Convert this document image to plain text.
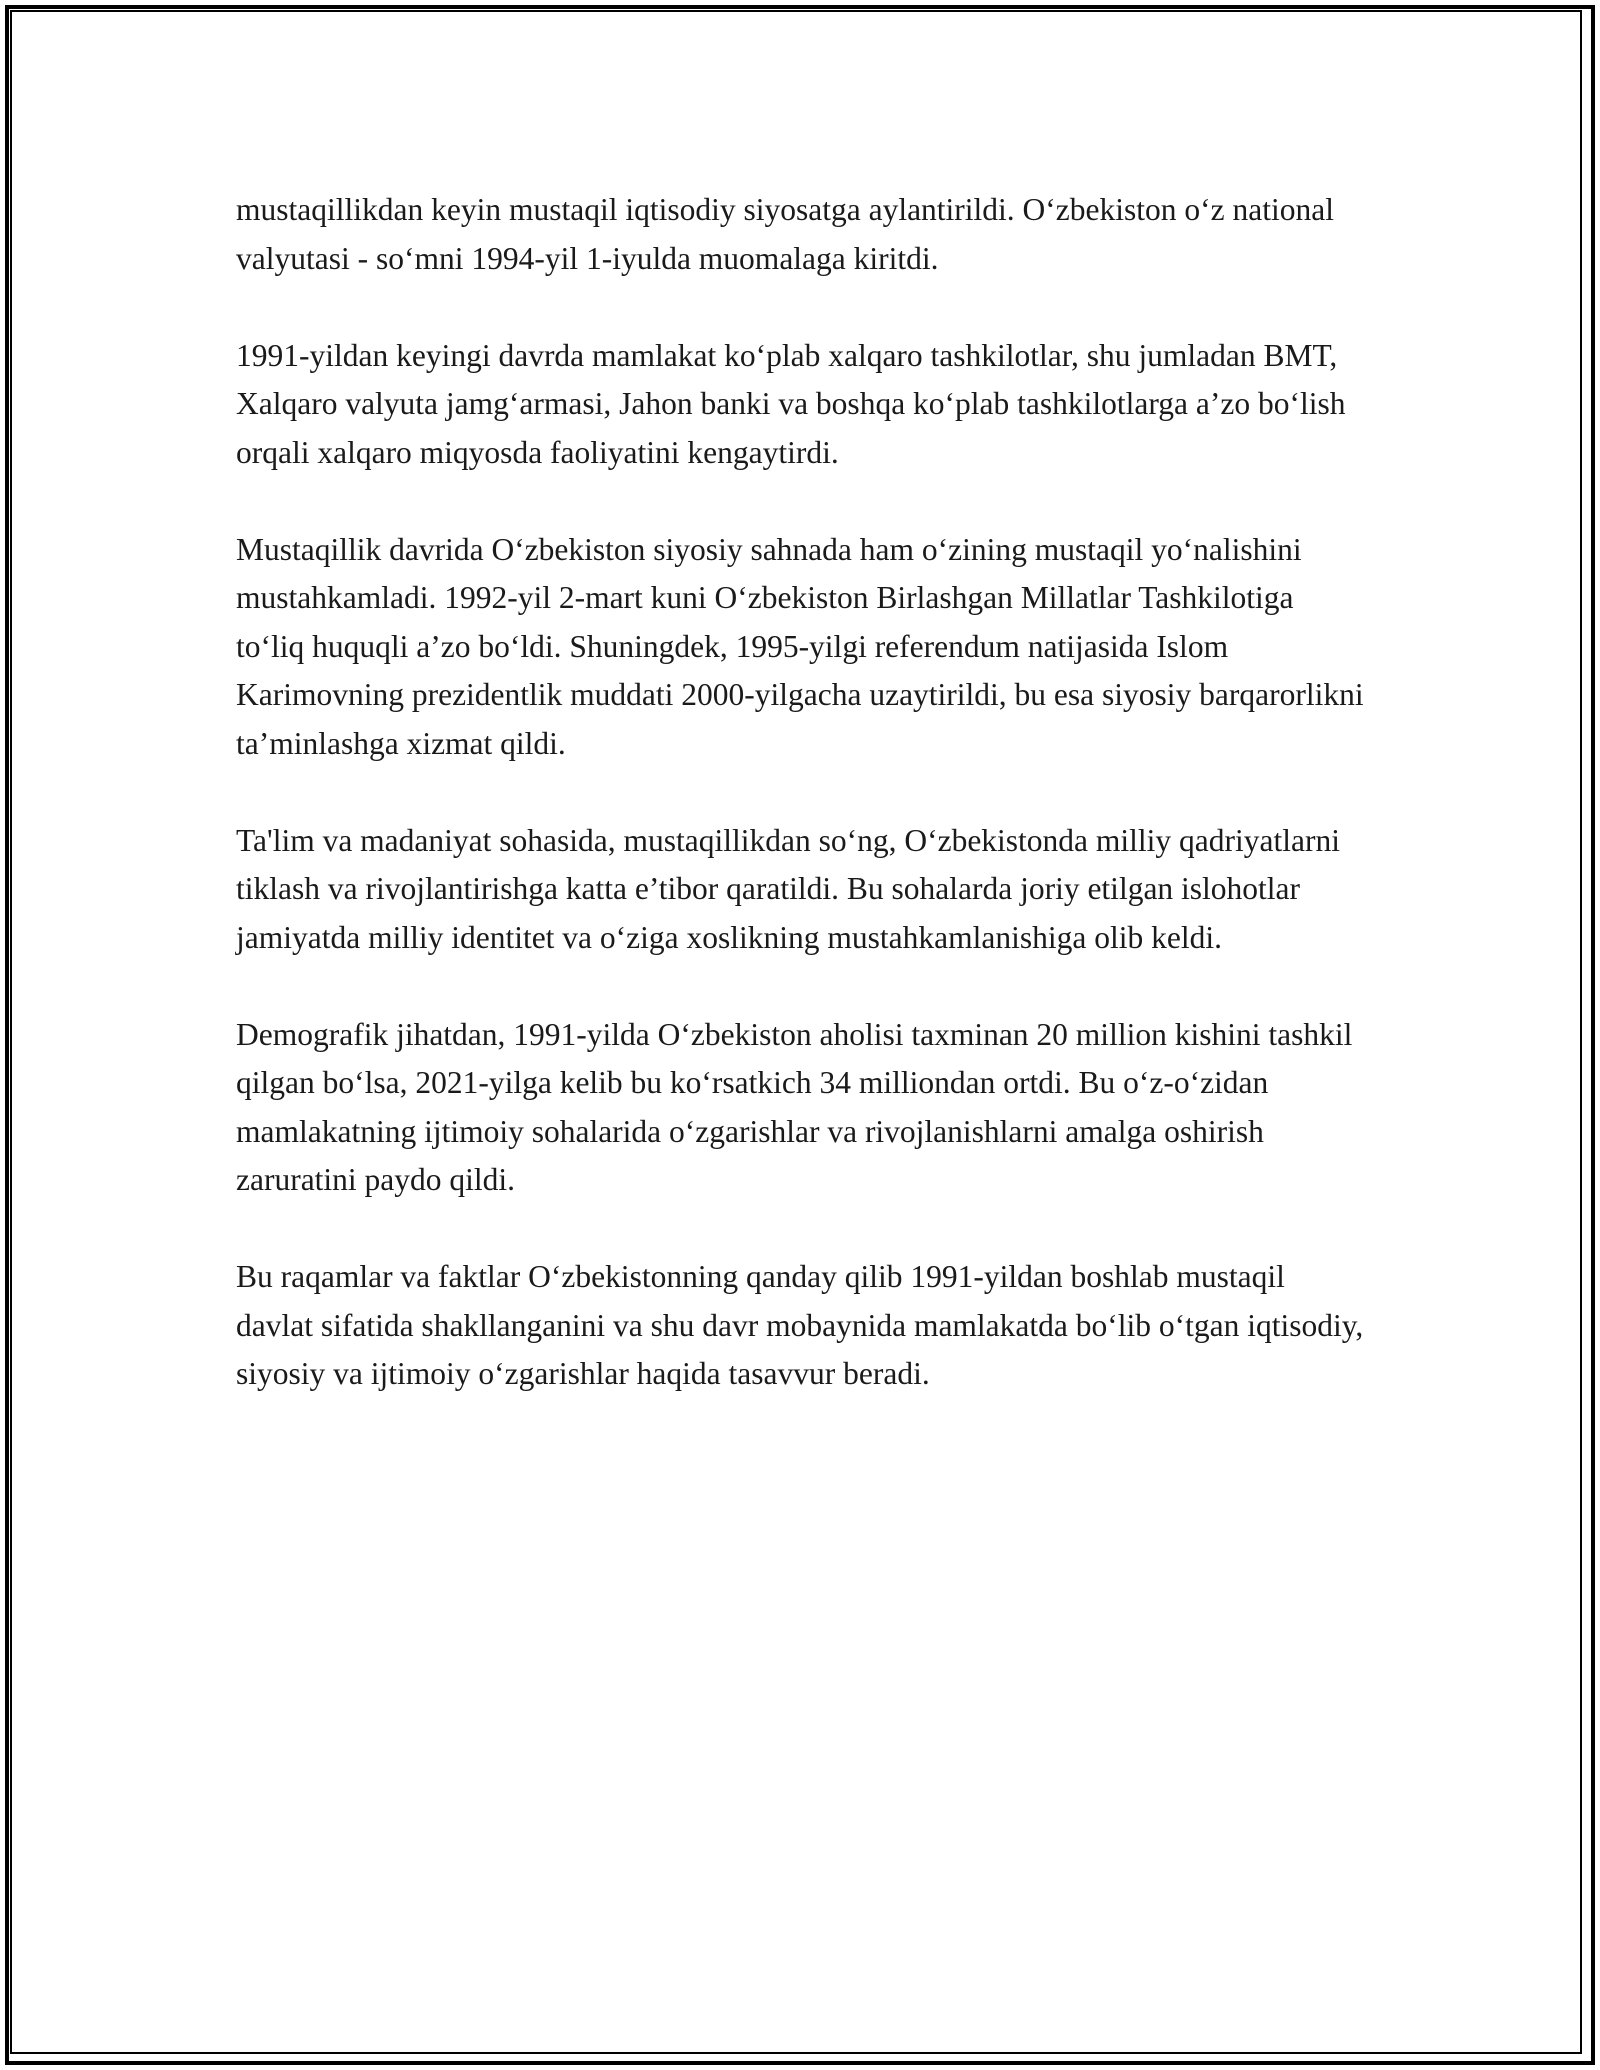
mustaqillikdan keyin mustaqil iqtisodiy siyosatga aylantirildi. O‘zbekiston o‘z national valyutasi - so‘mni 1994-yil 1-iyulda muomalaga kiritdi.

1991-yildan keyingi davrda mamlakat ko‘plab xalqaro tashkilotlar, shu jumladan BMT, Xalqaro valyuta jamg‘armasi, Jahon banki va boshqa ko‘plab tashkilotlarga a’zo bo‘lish orqali xalqaro miqyosda faoliyatini kengaytirdi.

Mustaqillik davrida O‘zbekiston siyosiy sahnada ham o‘zining mustaqil yo‘nalishini mustahkamladi. 1992-yil 2-mart kuni O‘zbekiston Birlashgan Millatlar Tashkilotiga to‘liq huquqli a’zo bo‘ldi. Shuningdek, 1995-yilgi referendum natijasida Islom Karimovning prezidentlik muddati 2000-yilgacha uzaytirildi, bu esa siyosiy barqarorlikni ta’minlashga xizmat qildi.

Ta'lim va madaniyat sohasida, mustaqillikdan so‘ng, O‘zbekistonda milliy qadriyatlarni tiklash va rivojlantirishga katta e’tibor qaratildi. Bu sohalarda joriy etilgan islohotlar jamiyatda milliy identitet va o‘ziga xoslikning mustahkamlanishiga olib keldi.

Demografik jihatdan, 1991-yilda O‘zbekiston aholisi taxminan 20 million kishini tashkil qilgan bo‘lsa, 2021-yilga kelib bu ko‘rsatkich 34 milliondan ortdi. Bu o‘z-o‘zidan mamlakatning ijtimoiy sohalarida o‘zgarishlar va rivojlanishlarni amalga oshirish zaruratini paydo qildi.

Bu raqamlar va faktlar O‘zbekistonning qanday qilib 1991-yildan boshlab mustaqil davlat sifatida shakllanganini va shu davr mobaynida mamlakatda bo‘lib o‘tgan iqtisodiy, siyosiy va ijtimoiy o‘zgarishlar haqida tasavvur beradi.
